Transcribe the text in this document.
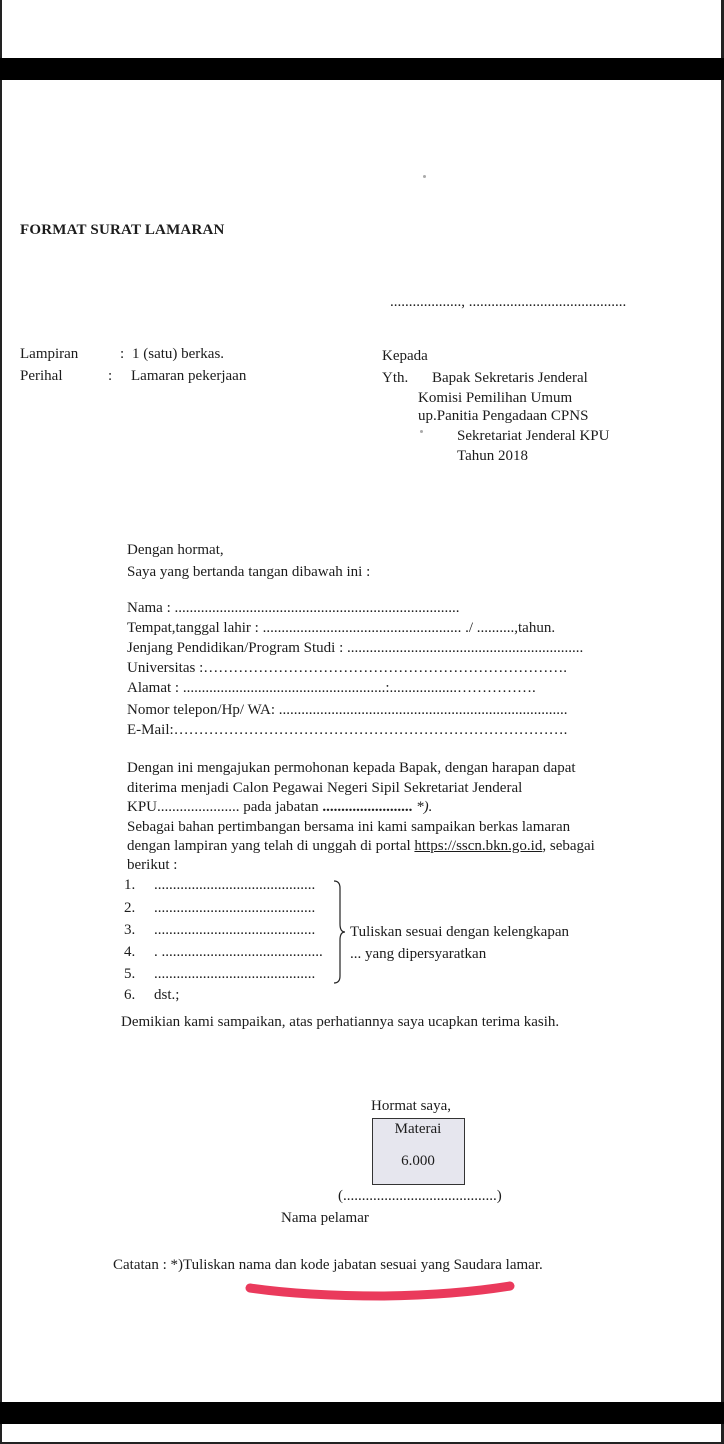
FORMAT SURAT LAMARAN
..................., ..........................................
Lampiran	: 1 (satu) berkas.
Perihal	: Lamaran pekerjaan
Kepada
Yth. Bapak Sekretaris Jenderal
Komisi Pemilihan Umum
up.Panitia Pengadaan CPNS
Sekretariat Jenderal KPU
Tahun 2018
Dengan hormat,
Saya yang bertanda tangan dibawah ini :
Nama : ............................................................................
Tempat,tanggal lahir : ..................................................... ./ ..........,tahun.
Jenjang Pendidikan/Program Studi : ...............................................................
Universitas :……………………………………………………………….
Alamat : ......................................................:..................…………….
Nomor telepon/Hp/ WA: .............................................................................
E-Mail:…………………………………………………………………….
Dengan ini mengajukan permohonan kepada Bapak, dengan harapan dapat
diterima menjadi Calon Pegawai Negeri Sipil Sekretariat Jenderal
KPU...................... pada jabatan ........................ *).
Sebagai bahan pertimbangan bersama ini kami sampaikan berkas lamaran
dengan lampiran yang telah di unggah di portal https://sscn.bkn.go.id, sebagai
berikut :
1. ...........................................
2. ...........................................
3. ...........................................
4. . ...........................................
5. ...........................................
6. dst.;
Tuliskan sesuai dengan kelengkapan
... yang dipersyaratkan
Demikian kami sampaikan, atas perhatiannya saya ucapkan terima kasih.
Hormat saya,
Materai
6.000
(.........................................)
Nama pelamar
Catatan : *)Tuliskan nama dan kode jabatan sesuai yang Saudara lamar.
